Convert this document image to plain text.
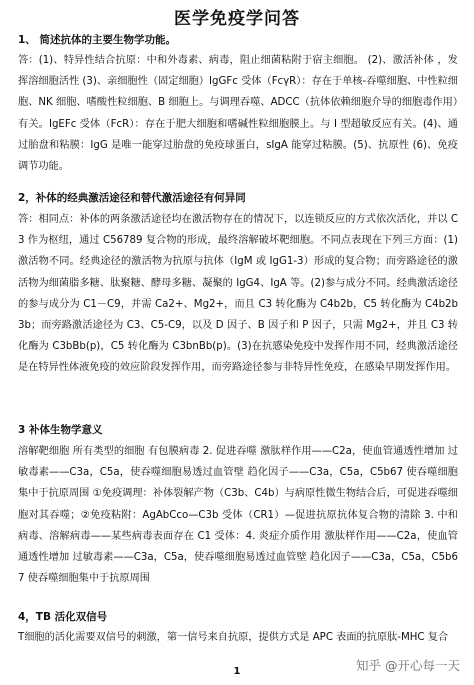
医学免疫学问答
1、 简述抗体的主要生物学功能。
答：(1)、特异性结合抗原：中和外毒素、病毒，阻止细菌粘附于宿主细胞。 (2)、激活补体 ，发挥溶细胞活性 (3)、亲细胞性（固定细胞）IgGFc 受体（FcγR）：存在于单核-吞噬细胞、中性粒细胞、NK 细胞、嗜酸性粒细胞、B 细胞上。与调理吞噬、ADCC（抗体依赖细胞介导的细胞毒作用）有关。IgEFc 受体（FcR）：存在于肥大细胞和嗜碱性粒细胞膜上。与 I 型超敏反应有关。(4)、通过胎盘和粘膜：IgG 是唯一能穿过胎盘的免疫球蛋白，sIgA 能穿过粘膜。(5)、抗原性 (6)、免疫调节功能。
2，补体的经典激活途径和替代激活途径有何异同
答：相同点：补体的两条激活途径均在激活物存在的情况下，以连锁反应的方式依次活化，并以 C3 作为枢纽，通过 C56789 复合物的形成，最终溶解破坏靶细胞。不同点表现在下列三方面：(1)激活物不同。经典途径的激活物为抗原与抗体（IgM 或 IgG1-3）形成的复合物；而旁路途径的激活物为细菌脂多糖、肽聚糖、酵母多糖、凝聚的 IgG4、IgA 等。(2)参与成分不同。经典激活途径的参与成分为 C1－C9，并需 Ca2+、Mg2+，而且 C3 转化酶为 C4b2b，C5 转化酶为 C4b2b3b；而旁路激活途径为 C3、C5-C9，以及 D 因子、B 因子和 P 因子，只需 Mg2+，并且 C3 转化酶为 C3bBb(p)，C5 转化酶为 C3bnBb(p)。(3)在抗感染免疫中发挥作用不同，经典激活途径是在特异性体液免疫的效应阶段发挥作用，而旁路途径参与非特异性免疫，在感染早期发挥作用。
3 补体生物学意义
溶解靶细胞 所有类型的细胞 有包膜病毒 2. 促进吞噬 激肽样作用——C2a，使血管通透性增加 过敏毒素——C3a，C5a，使吞噬细胞易透过血管壁 趋化因子——C3a，C5a，C5b67 使吞噬细胞集中于抗原周围 ①免疫调理：补体裂解产物（C3b、C4b）与病原性微生物结合后，可促进吞噬细胞对其吞噬；②免疫粘附：AgAbCco—C3b 受体（CR1）—促进抗原抗体复合物的清除 3. 中和病毒、溶解病毒——某些病毒表面存在 C1 受体：4. 炎症介质作用 激肽样作用——C2a，使血管通透性增加 过敏毒素——C3a，C5a，使吞噬细胞易透过血管壁 趋化因子——C3a，C5a，C5b67 使吞噬细胞集中于抗原周围
4，TB 活化双信号
T细胞的活化需要双信号的刺激，第一信号来自抗原，提供方式是 APC 表面的抗原肽-MHC 复合
1	知乎 @开心每一天
